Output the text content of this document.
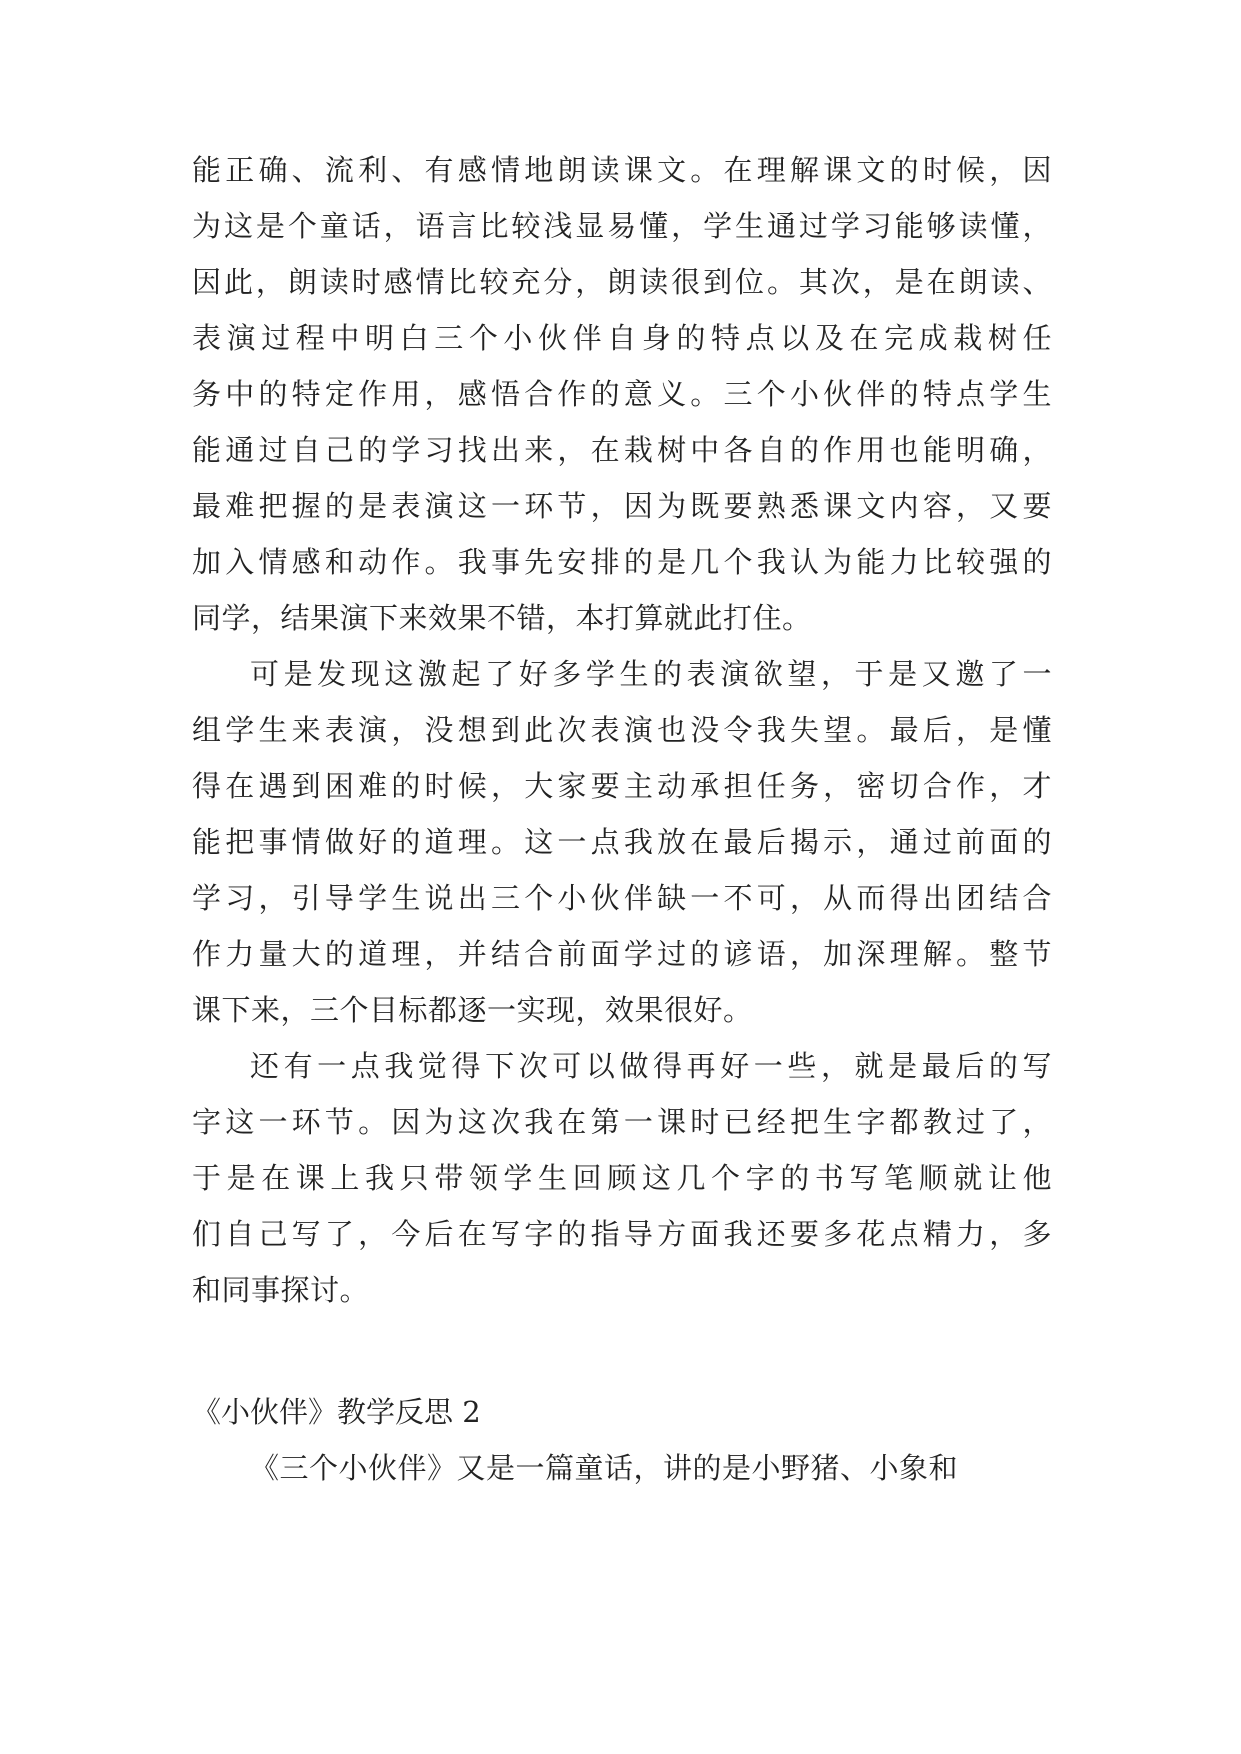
能正确、流利、有感情地朗读课文。在理解课文的时候，因
为这是个童话，语言比较浅显易懂，学生通过学习能够读懂，
因此，朗读时感情比较充分，朗读很到位。其次，是在朗读、
表演过程中明白三个小伙伴自身的特点以及在完成栽树任
务中的特定作用，感悟合作的意义。三个小伙伴的特点学生
能通过自己的学习找出来，在栽树中各自的作用也能明确，
最难把握的是表演这一环节，因为既要熟悉课文内容，又要
加入情感和动作。我事先安排的是几个我认为能力比较强的
同学，结果演下来效果不错，本打算就此打住。
可是发现这激起了好多学生的表演欲望，于是又邀了一
组学生来表演，没想到此次表演也没令我失望。最后，是懂
得在遇到困难的时候，大家要主动承担任务，密切合作，才
能把事情做好的道理。这一点我放在最后揭示，通过前面的
学习，引导学生说出三个小伙伴缺一不可，从而得出团结合
作力量大的道理，并结合前面学过的谚语，加深理解。整节
课下来，三个目标都逐一实现，效果很好。
还有一点我觉得下次可以做得再好一些，就是最后的写
字这一环节。因为这次我在第一课时已经把生字都教过了，
于是在课上我只带领学生回顾这几个字的书写笔顺就让他
们自己写了，今后在写字的指导方面我还要多花点精力，多
和同事探讨。
《小伙伴》教学反思 2
《三个小伙伴》又是一篇童话，讲的是小野猪、小象和
